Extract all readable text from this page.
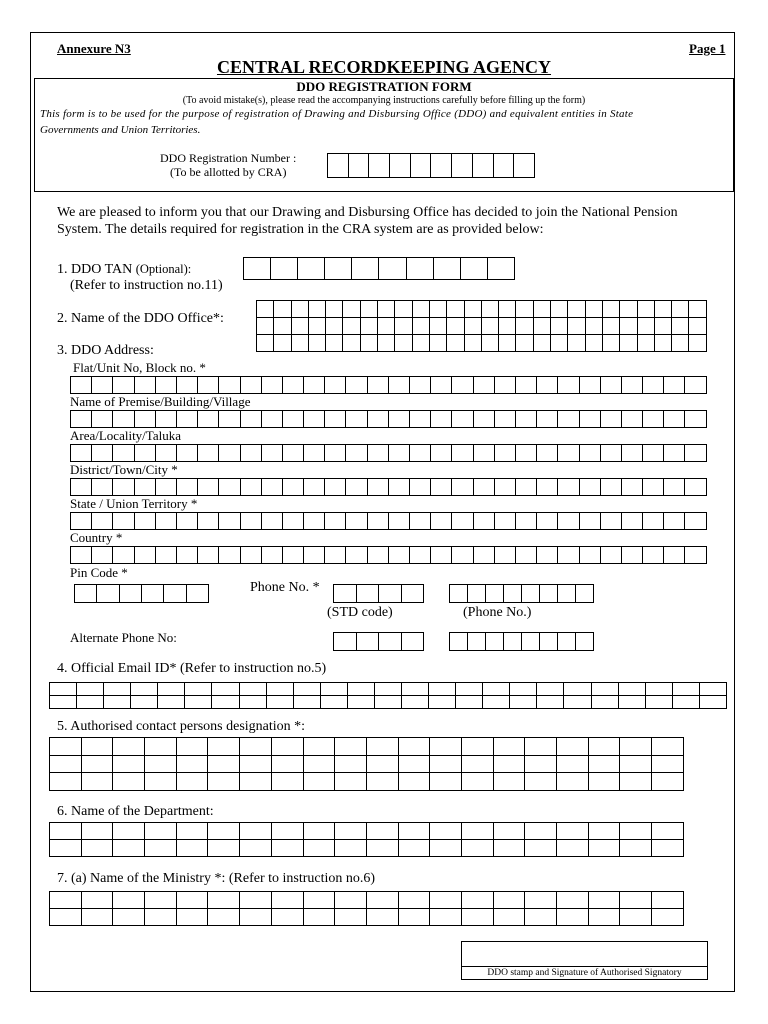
Annexure N3	Page 1
CENTRAL RECORDKEEPING AGENCY
DDO REGISTRATION FORM
(To avoid mistake(s), please read the accompanying instructions carefully before filling up the form)
This form is to be used for the purpose of registration of Drawing and Disbursing Office (DDO) and equivalent entities in State
Governments and Union Territories.
DDO Registration Number :
(To be allotted by CRA)

We are pleased to inform you that our Drawing and Disbursing Office has decided to join the National Pension
System. The details required for registration in the CRA system are as provided below:
1. DDO TAN (Optional):
(Refer to instruction no.11)

2. Name of the DDO Office*:

3. DDO Address:
Flat/Unit No, Block no. *

Name of Premise/Building/Village

Area/Locality/Taluka

District/Town/City *

State / Union Territory *

Country *

Pin Code *

Phone No. *

(STD code)	(Phone No.)
Alternate Phone No:

4. Official Email ID* (Refer to instruction no.5)

5. Authorised contact persons designation *:

6. Name of the Department:

7. (a) Name of the Ministry *: (Refer to instruction no.6)

DDO stamp and Signature of Authorised Signatory
